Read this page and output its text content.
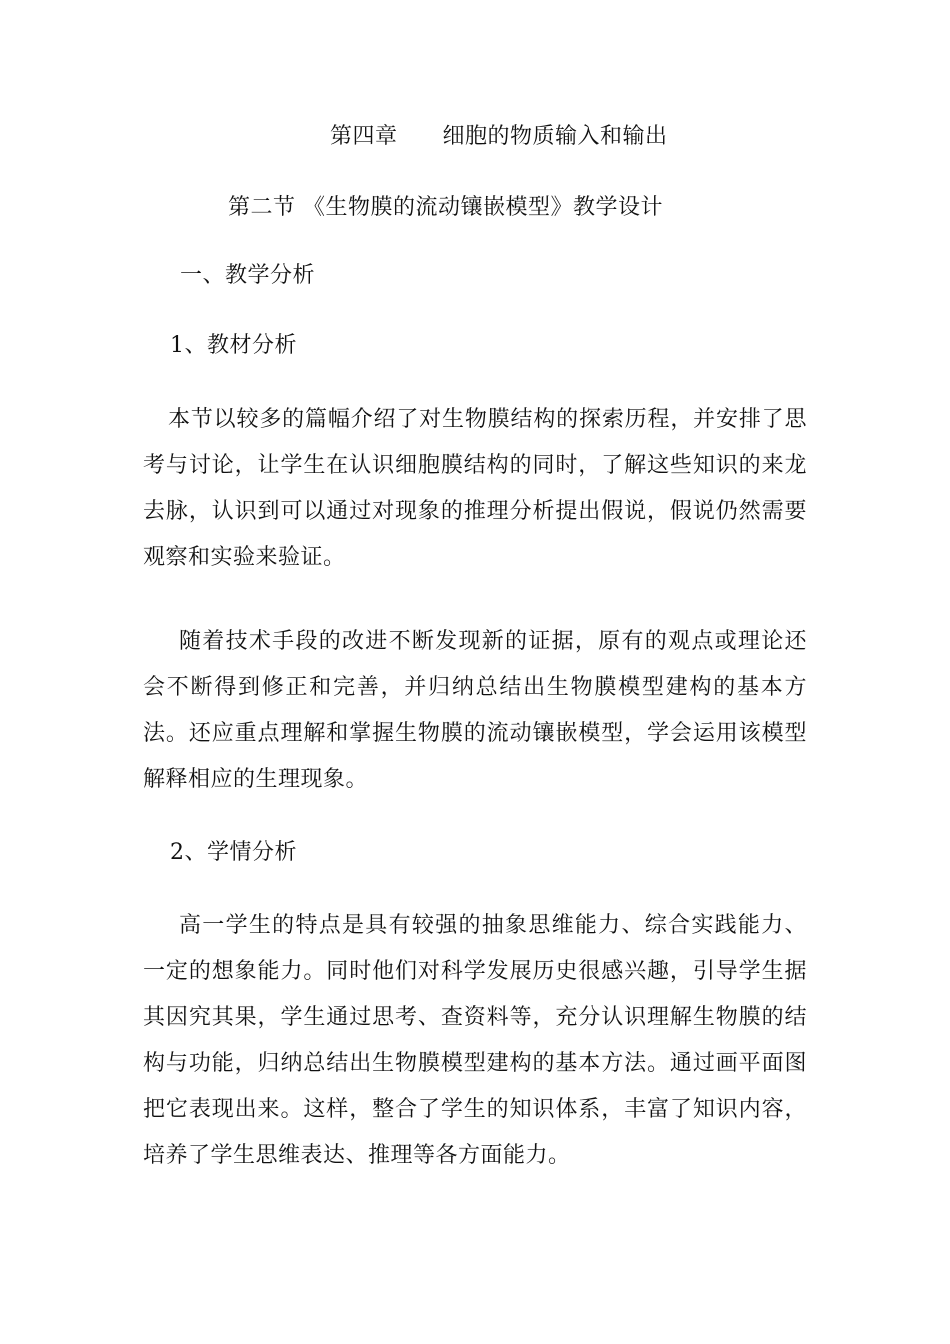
第四章　　细胞的物质输入和输出
第二节 《生物膜的流动镶嵌模型》教学设计
一、教学分析
1、教材分析
本节以较多的篇幅介绍了对生物膜结构的探索历程，并安排了思考与讨论，让学生在认识细胞膜结构的同时，了解这些知识的来龙去脉，认识到可以通过对现象的推理分析提出假说，假说仍然需要观察和实验来验证。
随着技术手段的改进不断发现新的证据，原有的观点或理论还会不断得到修正和完善，并归纳总结出生物膜模型建构的基本方法。还应重点理解和掌握生物膜的流动镶嵌模型，学会运用该模型解释相应的生理现象。
2、学情分析
高一学生的特点是具有较强的抽象思维能力、综合实践能力、一定的想象能力。同时他们对科学发展历史很感兴趣，引导学生据其因究其果，学生通过思考、查资料等，充分认识理解生物膜的结构与功能，归纳总结出生物膜模型建构的基本方法。通过画平面图把它表现出来。这样，整合了学生的知识体系，丰富了知识内容，培养了学生思维表达、推理等各方面能力。
